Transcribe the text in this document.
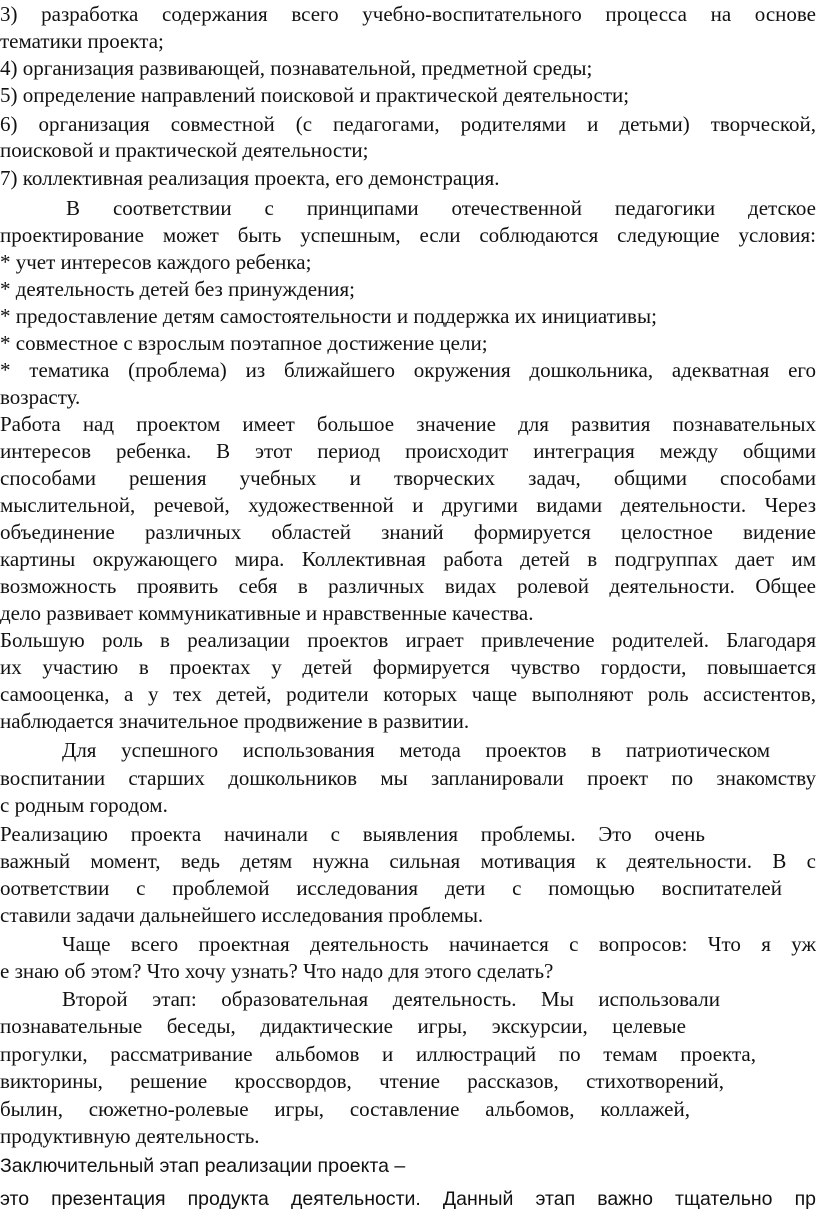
3) разработка содержания всего учебно-воспитательного процесса на основе

тематики проекта;

4) организация развивающей, познавательной, предметной среды;

5) определение направлений поисковой и практической деятельности;

6) организация совместной (с педагогами, родителями и детьми) творческой,

поисковой и практической деятельности;

7) коллективная реализация проекта, его демонстрация.

В соответствии с принципами отечественной педагогики детское

проектирование может быть успешным, если соблюдаются следующие условия:

* учет интересов каждого ребенка;

* деятельность детей без принуждения;

* предоставление детям самостоятельности и поддержка их инициативы;

* совместное с взрослым поэтапное достижение цели;

* тематика (проблема) из ближайшего окружения дошкольника, адекватная его

возрасту.

Работа над проектом имеет большое значение для развития познавательных

интересов ребенка. В этот период происходит интеграция между общими

способами решения учебных и творческих задач, общими способами

мыслительной, речевой, художественной и другими видами деятельности. Через

объединение различных областей знаний формируется целостное видение

картины окружающего мира. Коллективная работа детей в подгруппах дает им

возможность проявить себя в различных видах ролевой деятельности. Общее

дело развивает коммуникативные и нравственные качества.

Большую роль в реализации проектов играет привлечение родителей. Благодаря

их участию в проектах у детей формируется чувство гордости, повышается

самооценка, а у тех детей, родители которых чаще выполняют роль ассистентов,

наблюдается значительное продвижение в развитии.

Для успешного использования метода проектов в патриотическом

воспитании старших дошкольников мы запланировали проект по знакомству

с родным городом.

Реализацию проекта начинали с выявления проблемы. Это очень

важный момент, ведь детям нужна сильная мотивация к деятельности. В с

оответствии с проблемой исследования дети с помощью воспитателей

ставили задачи дальнейшего исследования проблемы.

Чаще всего проектная деятельность начинается с вопросов: Что я уж

е знаю об этом? Что хочу узнать? Что надо для этого сделать?

Второй этап: образовательная деятельность. Мы использовали

познавательные беседы, дидактические игры, экскурсии, целевые

прогулки, рассматривание альбомов и иллюстраций по темам проекта,

викторины, решение кроссвордов, чтение рассказов, стихотворений,

былин, сюжетно-ролевые игры, составление альбомов, коллажей,

продуктивную деятельность.

Заключительный этап реализации проекта –

это презентация продукта деятельности. Данный этап важно тщательно пр
